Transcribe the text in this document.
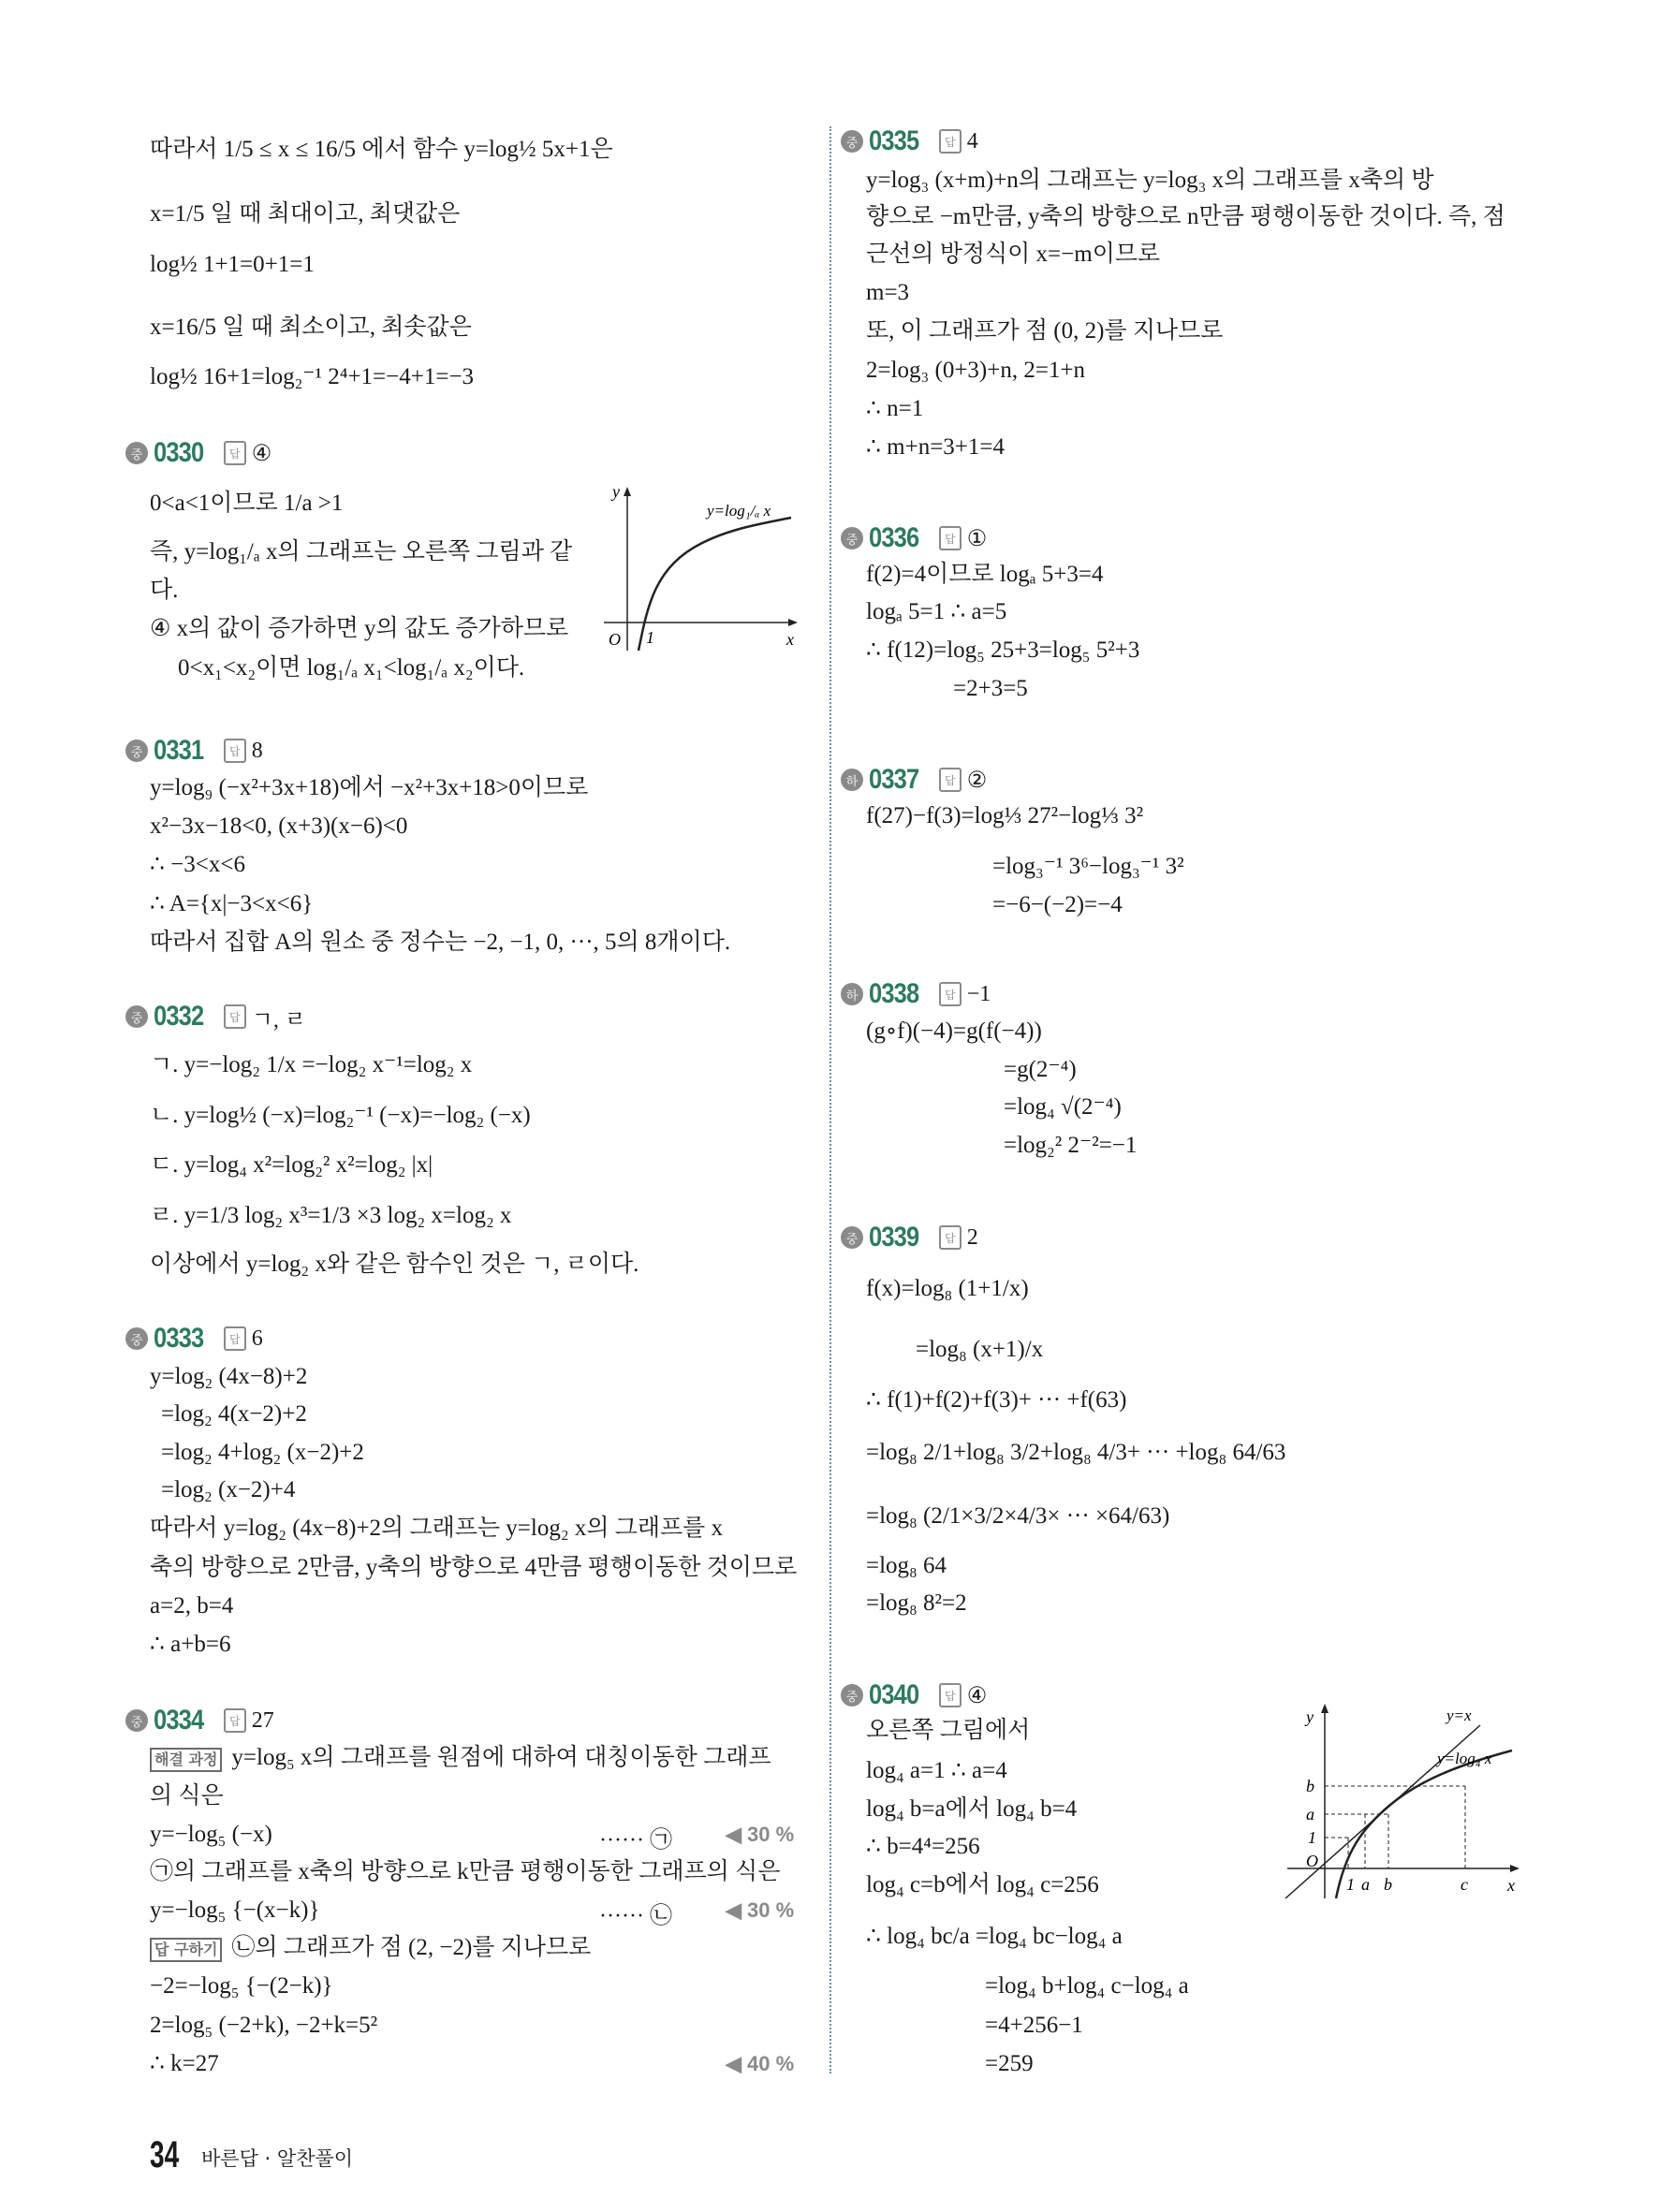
따라서 1/5 ≤ x ≤ 16/5 에서 함수 y=log½ 5x+1은
x=1/5 일 때 최대이고, 최댓값은
log½ 1+1=0+1=1
x=16/5 일 때 최소이고, 최솟값은
log½ 16+1=log₂⁻¹ 2⁴+1=−4+1=−3
중 0330	답 ④
0<a<1이므로 1/a >1
즉, y=log₁/ₐ x의 그래프는 오른쪽 그림과 같
다.
④ x의 값이 증가하면 y의 값도 증가하므로
0<x₁<x₂이면 log₁/ₐ x₁<log₁/ₐ x₂이다.
y
x
O 1
y=log₁/ₐ x
중 0331	답 8
y=log₉ (−x²+3x+18)에서 −x²+3x+18>0이므로
x²−3x−18<0, (x+3)(x−6)<0
∴ −3<x<6
∴ A={x|−3<x<6}
따라서 집합 A의 원소 중 정수는 −2, −1, 0, ···, 5의 8개이다.
중 0332	답 ㄱ, ㄹ
ㄱ. y=−log₂ 1/x =−log₂ x⁻¹=log₂ x
ㄴ. y=log½ (−x)=log₂⁻¹ (−x)=−log₂ (−x)
ㄷ. y=log₄ x²=log₂² x²=log₂ |x|
ㄹ. y=1/3 log₂ x³=1/3 ×3 log₂ x=log₂ x
이상에서 y=log₂ x와 같은 함수인 것은 ㄱ, ㄹ이다.
중 0333	답 6
y=log₂ (4x−8)+2
=log₂ 4(x−2)+2
=log₂ 4+log₂ (x−2)+2
=log₂ (x−2)+4
따라서 y=log₂ (4x−8)+2의 그래프는 y=log₂ x의 그래프를 x
축의 방향으로 2만큼, y축의 방향으로 4만큼 평행이동한 것이므로
a=2, b=4
∴ a+b=6
중 0334	답 27
해결 과정 y=log₅ x의 그래프를 원점에 대하여 대칭이동한 그래프
의 식은
y=−log₅ (−x)	······ ㉠	◀ 30 %
㉠의 그래프를 x축의 방향으로 k만큼 평행이동한 그래프의 식은
y=−log₅ {−(x−k)}	······ ㉡	◀ 30 %
답 구하기 ㉡의 그래프가 점 (2, −2)를 지나므로
−2=−log₅ {−(2−k)}
2=log₅ (−2+k), −2+k=5²
∴ k=27	◀ 40 %
중 0335	답 4
y=log₃ (x+m)+n의 그래프는 y=log₃ x의 그래프를 x축의 방
향으로 −m만큼, y축의 방향으로 n만큼 평행이동한 것이다. 즉, 점
근선의 방정식이 x=−m이므로
m=3
또, 이 그래프가 점 (0, 2)를 지나므로
2=log₃ (0+3)+n, 2=1+n
∴ n=1
∴ m+n=3+1=4
중 0336	답 ①
f(2)=4이므로 logₐ 5+3=4
logₐ 5=1 ∴ a=5
∴ f(12)=log₅ 25+3=log₅ 5²+3
=2+3=5
하 0337	답 ②
f(27)−f(3)=log⅓ 27²−log⅓ 3²
=log₃⁻¹ 3⁶−log₃⁻¹ 3²
=−6−(−2)=−4
하 0338	답 −1
(g∘f)(−4)=g(f(−4))
=g(2⁻⁴)
=log₄ √(2⁻⁴)
=log₂² 2⁻²=−1
중 0339	답 2
f(x)=log₈ (1+1/x)
=log₈ (x+1)/x
∴ f(1)+f(2)+f(3)+ ··· +f(63)
=log₈ 2/1+log₈ 3/2+log₈ 4/3+ ··· +log₈ 64/63
=log₈ (2/1×3/2×4/3× ··· ×64/63)
=log₈ 64
=log₈ 8²=2
중 0340	답 ④
오른쪽 그림에서
log₄ a=1 ∴ a=4
log₄ b=a에서 log₄ b=4
∴ b=4⁴=256
log₄ c=b에서 log₄ c=256
∴ log₄ bc/a =log₄ bc−log₄ a
=log₄ b+log₄ c−log₄ a
=4+256−1
=259
y
x
O
b
a
1
1 a b	c
y=x
y=log₄ x
34 바른답 · 알찬풀이
